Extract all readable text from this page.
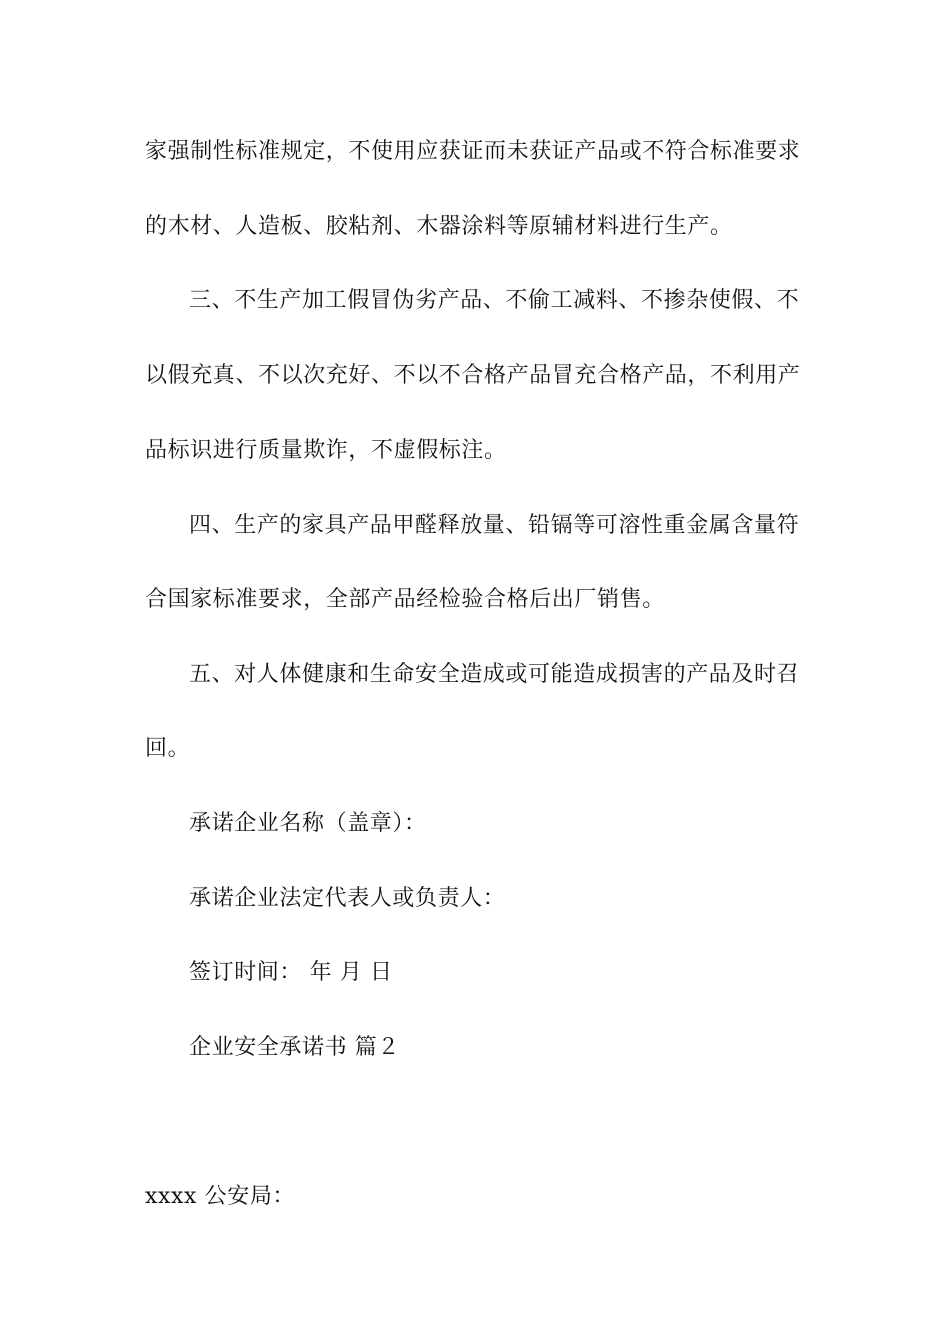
家强制性标准规定，不使用应获证而未获证产品或不符合标准要求
的木材、人造板、胶粘剂、木器涂料等原辅材料进行生产。
三、不生产加工假冒伪劣产品、不偷工减料、不掺杂使假、不
以假充真、不以次充好、不以不合格产品冒充合格产品，不利用产
品标识进行质量欺诈，不虚假标注。
四、生产的家具产品甲醛释放量、铅镉等可溶性重金属含量符
合国家标准要求，全部产品经检验合格后出厂销售。
五、对人体健康和生命安全造成或可能造成损害的产品及时召
回。
承诺企业名称（盖章）：
承诺企业法定代表人或负责人：
签订时间： 年 月 日
企业安全承诺书 篇２
xxxx 公安局：
